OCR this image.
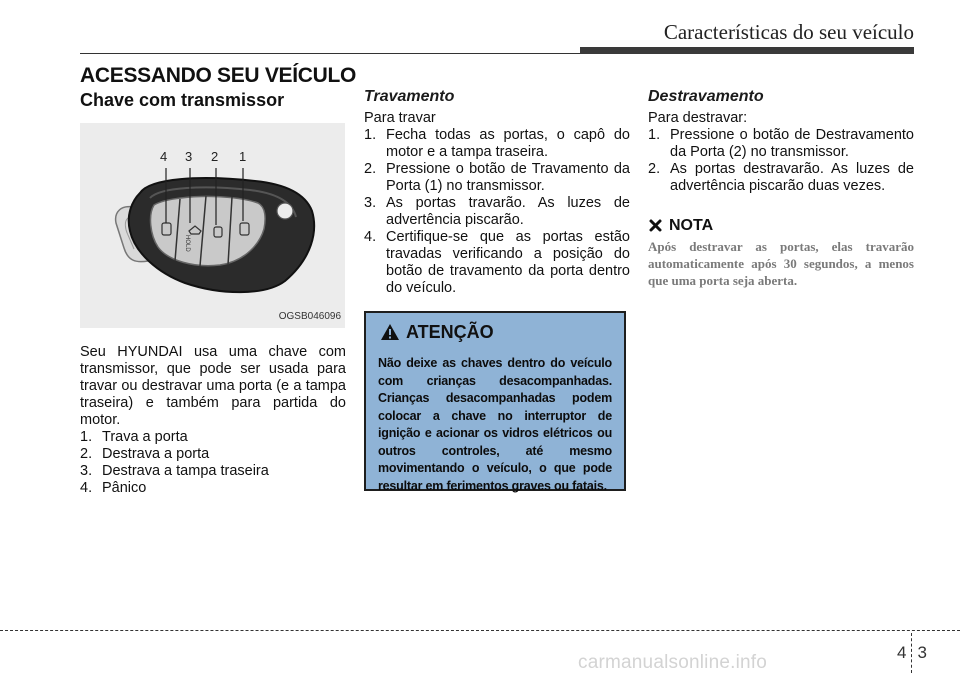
Características do seu veículo
ACESSANDO SEU VEÍCULO
Chave com transmissor
HOLD
4 3 2 1
OGSB046096

Seu HYUNDAI usa uma chave com transmissor, que pode ser usada para travar ou destravar uma porta (e a tampa traseira) e também para partida do motor.

1. Trava a porta
2. Destrava a porta
3. Destrava a tampa traseira
4. Pânico
Travamento

Para travar

1. Fecha todas as portas, o capô do motor e a tampa traseira.
2. Pressione o botão de Travamento da Porta (1) no transmissor.
3. As portas travarão. As luzes de advertência piscarão.
4. Certifique-se que as portas estão travadas verificando a posição do botão de travamento da porta dentro do veículo.
ATENÇÃO
Não deixe as chaves dentro do veículo com crianças desacompanhadas. Crianças desacompanhadas podem colocar a chave no interruptor de ignição e acionar os vidros elétricos ou outros controles, até mesmo movimentando o veículo, o que pode resultar em ferimentos graves ou fatais.
Destravamento

Para destravar:

1. Pressione o botão de Destravamento da Porta (2) no transmissor.
2. As portas destravarão. As luzes de advertência piscarão duas vezes.
NOTA

Após destravar as portas, elas travarão automaticamente após 30 segundos, a menos que uma porta seja aberta.

4 3
carmanualsonline.info
